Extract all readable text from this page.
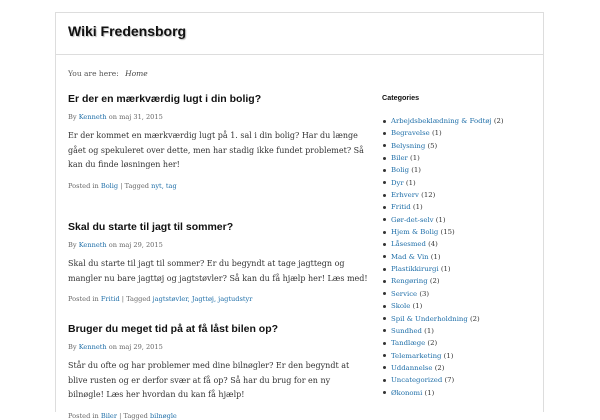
Wiki Fredensborg
You are here: Home
Er der en mærkværdig lugt i din bolig?
By Kenneth on maj 31, 2015
Er der kommet en mærkværdig lugt på 1. sal i din bolig? Har du længe gået og spekuleret over dette, men har stadig ikke fundet problemet? Så kan du finde løsningen her!
Posted in Bolig | Tagged nyt, tag
Skal du starte til jagt til sommer?
By Kenneth on maj 29, 2015
Skal du starte til jagt til sommer? Er du begyndt at tage jagttegn og mangler nu bare jagttøj og jagtstøvler? Så kan du få hjælp her! Læs med!
Posted in Fritid | Tagged jagtstøvler, Jagttøj, jagtudstyr
Bruger du meget tid på at få låst bilen op?
By Kenneth on maj 29, 2015
Står du ofte og har problemer med dine bilnøgler? Er den begyndt at blive rusten og er derfor svær at få op? Så har du brug for en ny bilnøgle! Læs her hvordan du kan få hjælp!
Posted in Biler | Tagged bilnøgle
Categories
Arbejdsbeklædning & Fodtøj (2)
Begravelse (1)
Belysning (5)
Biler (1)
Bolig (1)
Dyr (1)
Erhverv (12)
Fritid (1)
Gør-det-selv (1)
Hjem & Bolig (15)
Låsesmed (4)
Mad & Vin (1)
Plastikkirurgi (1)
Rengøring (2)
Service (3)
Skole (1)
Spil & Underholdning (2)
Sundhed (1)
Tandlæge (2)
Telemarketing (1)
Uddannelse (2)
Uncategorized (7)
Økonomi (1)
